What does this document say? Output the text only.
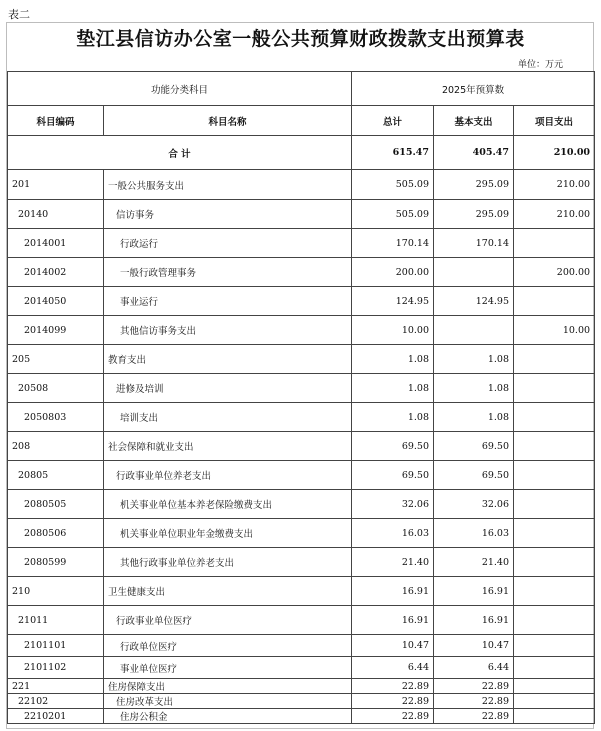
表二
垫江县信访办公室一般公共预算财政拨款支出预算表
单位：万元
功能分类科目		2025年预算数		
科目编码	科目名称	总计	基本支出	项目支出
合 计		615.47	405.47	210.00
201	一般公共服务支出	505.09	295.09	210.00
20140	信访事务	505.09	295.09	210.00
2014001	行政运行	170.14	170.14	
2014002	一般行政管理事务	200.00		200.00
2014050	事业运行	124.95	124.95	
2014099	其他信访事务支出	10.00		10.00
205	教育支出	1.08	1.08	
20508	进修及培训	1.08	1.08	
2050803	培训支出	1.08	1.08	
208	社会保障和就业支出	69.50	69.50	
20805	行政事业单位养老支出	69.50	69.50	
2080505	机关事业单位基本养老保险缴费支出	32.06	32.06	
2080506	机关事业单位职业年金缴费支出	16.03	16.03	
2080599	其他行政事业单位养老支出	21.40	21.40	
210	卫生健康支出	16.91	16.91	
21011	行政事业单位医疗	16.91	16.91	
2101101	行政单位医疗	10.47	10.47	
2101102	事业单位医疗	6.44	6.44	
221	住房保障支出	22.89	22.89	
22102	住房改革支出	22.89	22.89	
2210201	住房公积金	22.89	22.89	
